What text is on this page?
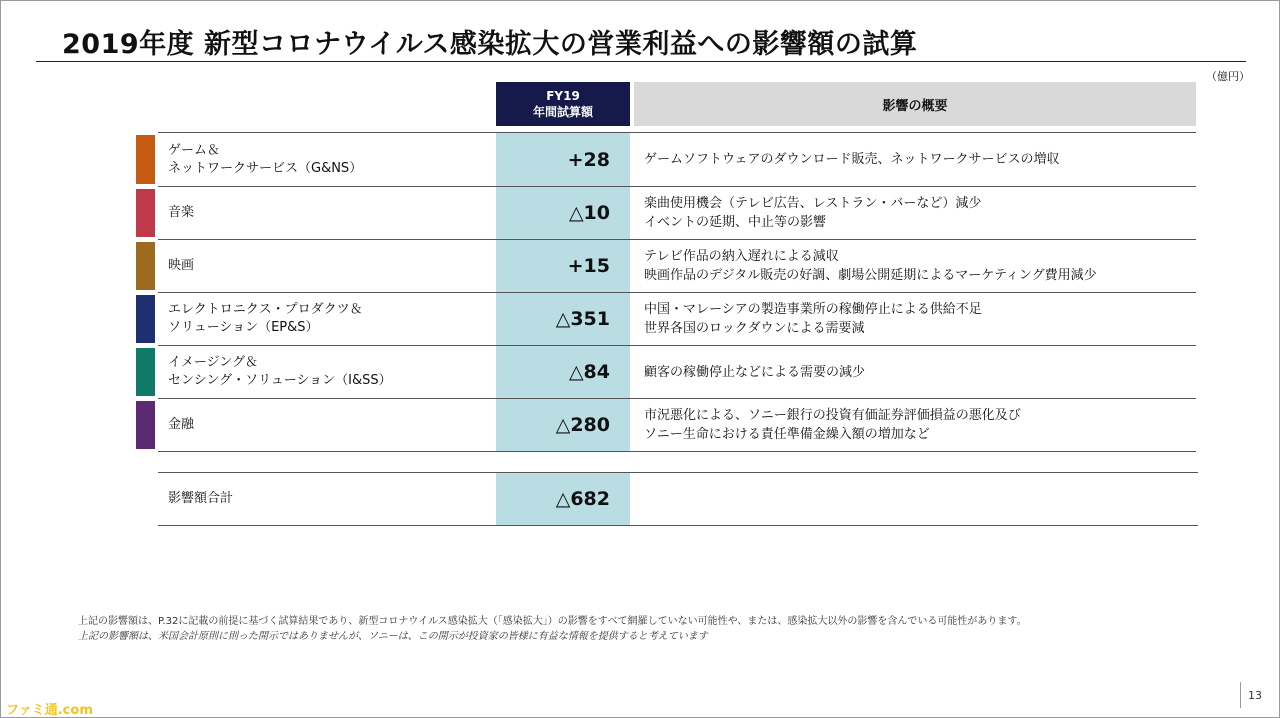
2019年度 新型コロナウイルス感染拡大の営業利益への影響額の試算
（億円）
FY19
年間試算額	影響の概要
ゲーム＆
ネットワークサービス（G&NS）	+28	ゲームソフトウェアのダウンロード販売、ネットワークサービスの増収
音楽	△10	楽曲使用機会（テレビ広告、レストラン・バーなど）減少
イベントの延期、中止等の影響
映画	+15	テレビ作品の納入遅れによる減収
映画作品のデジタル販売の好調、劇場公開延期によるマーケティング費用減少
エレクトロニクス・プロダクツ＆
ソリューション（EP&S）	△351	中国・マレーシアの製造事業所の稼働停止による供給不足
世界各国のロックダウンによる需要減
イメージング＆
センシング・ソリューション（I&SS）	△84	顧客の稼働停止などによる需要の減少
金融	△280	市況悪化による、ソニー銀行の投資有価証券評価損益の悪化及び
ソニー生命における責任準備金繰入額の増加など
影響額合計	△682
上記の影響額は、P.32に記載の前提に基づく試算結果であり、新型コロナウイルス感染拡大（「感染拡大」）の影響をすべて網羅していない可能性や、または、感染拡大以外の影響を含んでいる可能性があります。
上記の影響額は、米国会計原則に則った開示ではありませんが、ソニーは、この開示が投資家の皆様に有益な情報を提供すると考えています
13
ファミ通.com
